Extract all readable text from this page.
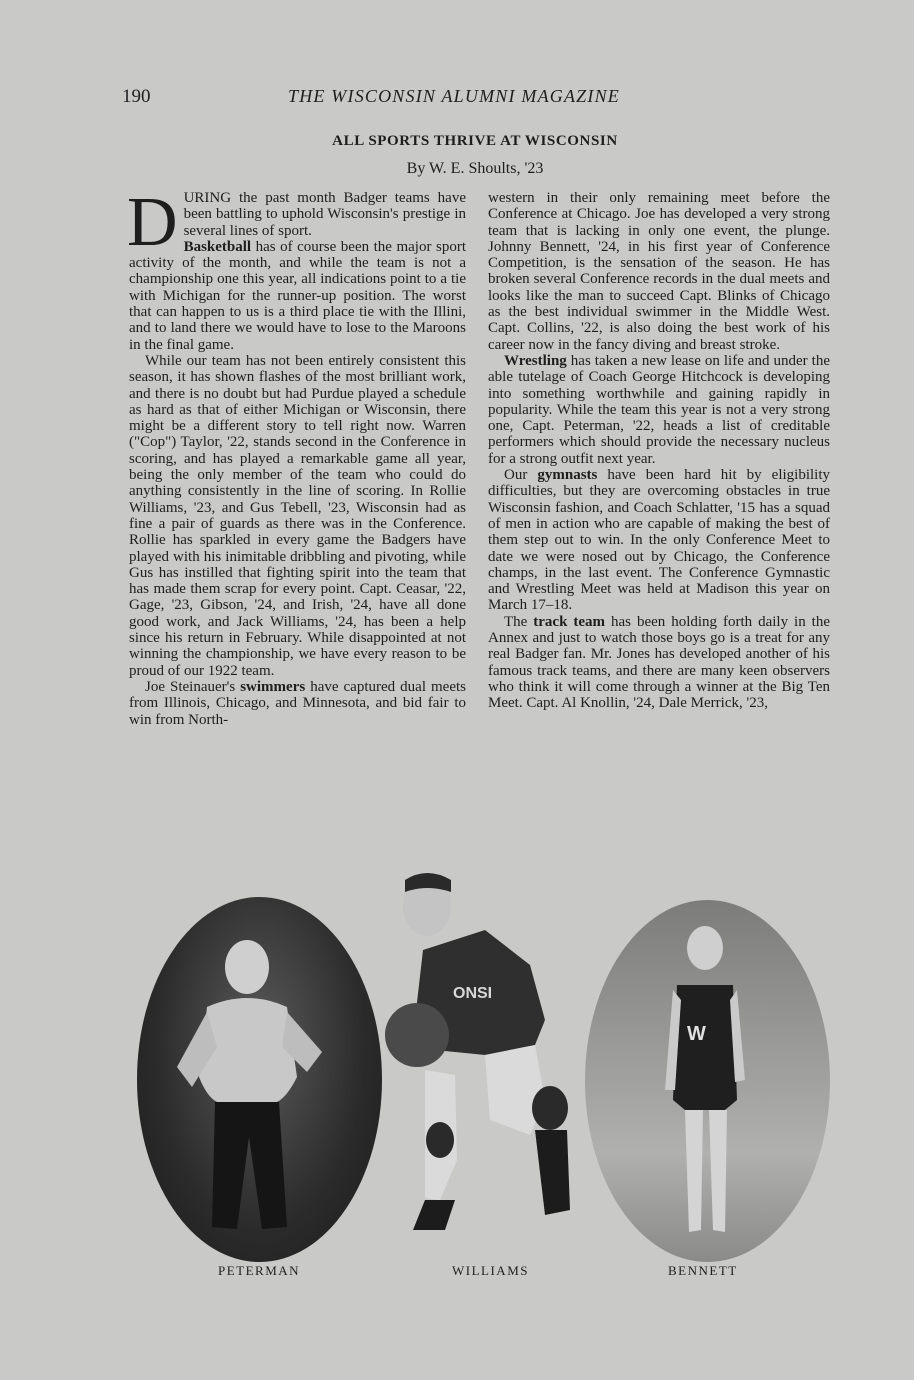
190	THE WISCONSIN ALUMNI MAGAZINE
ALL SPORTS THRIVE AT WISCONSIN
By W. E. Shoults, '23

D URING the past month Badger teams have been battling to uphold Wisconsin's prestige in several lines of sport.

Basketball has of course been the major sport activity of the month, and while the team is not a championship one this year, all indications point to a tie with Michigan for the runner-up position. The worst that can happen to us is a third place tie with the Illini, and to land there we would have to lose to the Maroons in the final game.

While our team has not been entirely consistent this season, it has shown flashes of the most brilliant work, and there is no doubt but had Purdue played a schedule as hard as that of either Michigan or Wisconsin, there might be a different story to tell right now. Warren ("Cop") Taylor, '22, stands second in the Conference in scoring, and has played a remarkable game all year, being the only member of the team who could do anything consistently in the line of scoring. In Rollie Williams, '23, and Gus Tebell, '23, Wisconsin had as fine a pair of guards as there was in the Conference. Rollie has sparkled in every game the Badgers have played with his inimitable dribbling and pivoting, while Gus has instilled that fighting spirit into the team that has made them scrap for every point. Capt. Ceasar, '22, Gage, '23, Gibson, '24, and Irish, '24, have all done good work, and Jack Williams, '24, has been a help since his return in February. While disappointed at not winning the championship, we have every reason to be proud of our 1922 team.

Joe Steinauer's swimmers have captured dual meets from Illinois, Chicago, and Minnesota, and bid fair to win from North-

western in their only remaining meet before the Conference at Chicago. Joe has developed a very strong team that is lacking in only one event, the plunge. Johnny Bennett, '24, in his first year of Conference Competition, is the sensation of the season. He has broken several Conference records in the dual meets and looks like the man to succeed Capt. Blinks of Chicago as the best individual swimmer in the Middle West. Capt. Collins, '22, is also doing the best work of his career now in the fancy diving and breast stroke.

Wrestling has taken a new lease on life and under the able tutelage of Coach George Hitchcock is developing into something worthwhile and gaining rapidly in popularity. While the team this year is not a very strong one, Capt. Peterman, '22, heads a list of creditable performers which should provide the necessary nucleus for a strong outfit next year.

Our gymnasts have been hard hit by eligibility difficulties, but they are overcoming obstacles in true Wisconsin fashion, and Coach Schlatter, '15 has a squad of men in action who are capable of making the best of them step out to win. In the only Conference Meet to date we were nosed out by Chicago, the Conference champs, in the last event. The Conference Gymnastic and Wrestling Meet was held at Madison this year on March 17–18.

The track team has been holding forth daily in the Annex and just to watch those boys go is a treat for any real Badger fan. Mr. Jones has developed another of his famous track teams, and there are many keen observers who think it will come through a winner at the Big Ten Meet. Capt. Al Knollin, '24, Dale Merrick, '23,

ONSI
W
PETERMAN	WILLIAMS	BENNETT
